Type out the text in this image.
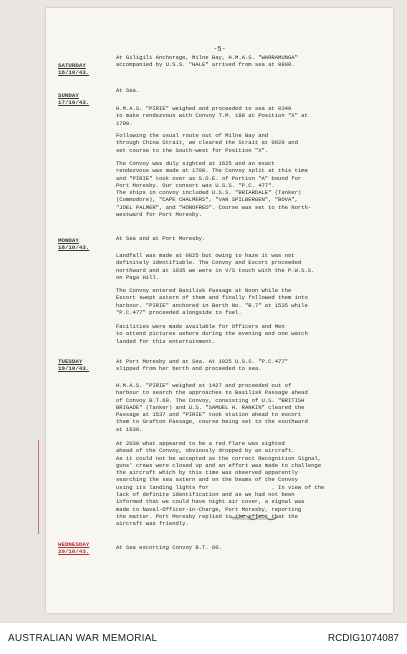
-5-
SATURDAY
16/10/43.
SUNDAY
17/10/43.
MONDAY
18/10/43.
TUESDAY
19/10/43.
WEDNESDAY
20/10/43.
At Giligili Anchorage, Milne Bay, H.M.A.S. "WARRAMUNGA"
accompanied by U.S.S. "HALE" arrived from sea at 0800.
At Sea.
H.M.A.S. "PIRIE" weighed and proceeded to sea at 0340
to make rendezvous with Convoy T.M. 188 at Position "X" at
1700.
Following the usual route out of Milne Bay and
through China Strait, we cleared the Strait at 0620 and
set course to the South-west for Position "X".
The Convoy was duly sighted at 1625 and an exact
rendezvous was made at 1700. The Convoy split at this time
and "PIRIE" took over as S.O.E. of Portion "A" bound for
Port Moresby. Our consort was U.S.S. "P.C. 477".
The ships in convoy included U.S.S. "BRIARDALE" (Tanker)
(Commodore), "CAPE CHALMERS", "VAN SPILBERGEN", "BOVA",
"JOEL PALMER", and "HONOFRED". Course was set to the North-
westward for Port Moresby.
At Sea and at Port Moresby.
Landfall was made at 0825 but owing to haze it was not
definitely identifiable. The Convoy and Escort proceeded
northward and at 1035 we were in V/S touch with the P.W.S.S.
on Paga Hill.
The Convoy entered Basilisk Passage at Noon while the
Escort swept astern of them and finally followed them into
harbour. "PIRIE" anchored in Berth No. "B.7" at 1535 while
"P.C.477" proceeded alongside to fuel.
Facilities were made available for Officers and Men
to attend pictures ashore during the evening and one watch
landed for this entertainment.
At Port Moresby and at Sea. At 1025 U.S.S. "P.C.477"
slipped from her berth and proceeded to sea.
H.M.A.S. "PIRIE" weighed at 1427 and proceeded out of
harbour to search the approaches to Basilisk Passage ahead
of Convoy B.T.60. The Convoy, consisting of U.S. "BRITISH
BRIGADE" (Tanker) and U.S. "SAMUEL H. RANKIN" cleared the
Passage at 1537 and "PIRIE" took station ahead to escort
them to Grafton Passage, course being set to the southward
at 1630.
At 2030 what appeared to be a red flare was sighted
ahead of the Convoy, obviously dropped by an aircraft.
As it could not be accepted as the correct Recognition Signal,
guns' crews were closed up and an effort was made to challenge
the aircraft which by this time was observed apparently
searching the sea astern and on the beams of the Convoy
using its landing lights for                   . In view of the
lack of definite identification and as we had not been
informed that we could have night air cover, a signal was
made to Naval-Officer-in-Charge, Port Moresby, reporting
the matter. Port Moresby replied to the effect that the
aircraft was friendly.
At Sea escorting Convoy B.T. 60.
AUSTRALIAN WAR MEMORIAL	RCDIG1074087
